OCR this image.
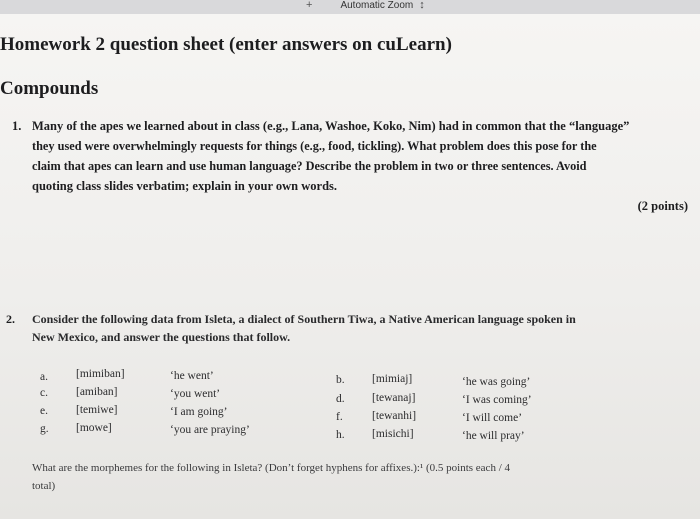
+	Automatic Zoom ↕
Homework 2 question sheet (enter answers on cuLearn)
Compounds
1. Many of the apes we learned about in class (e.g., Lana, Washoe, Koko, Nim) had in common that the “language”
they used were overwhelmingly requests for things (e.g., food, tickling). What problem does this pose for the
claim that apes can learn and use human language? Describe the problem in two or three sentences. Avoid
quoting class slides verbatim; explain in your own words.
(2 points)
2. Consider the following data from Isleta, a dialect of Southern Tiwa, a Native American language spoken in
New Mexico, and answer the questions that follow.
a. [mimiban]	‘he went’
c. [amiban]	‘you went’
e. [temiwe]	‘I am going’
g. [mowe]	‘you are praying’
b. [mimiaj]	‘he was going’
d. [tewanaj]	‘I was coming’
f.	[tewanhi]	‘I will come’
h. [misichi]	‘he will pray’
What are the morphemes for the following in Isleta? (Don’t forget hyphens for affixes.):¹ (0.5 points each / 4
total)
